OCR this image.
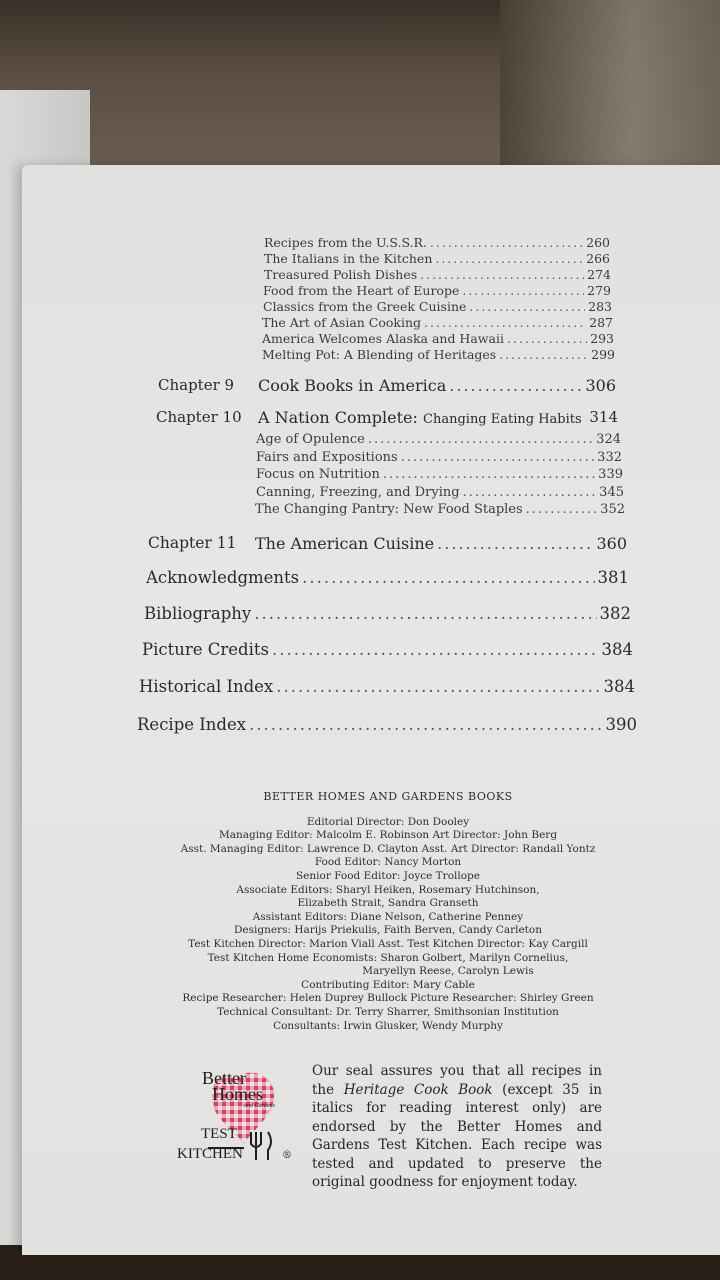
Recipes from the U.S.S.R. .....	260
The Italians in the Kitchen .....	266
Treasured Polish Dishes .....	274
Food from the Heart of Europe .....	279
Classics from the Greek Cuisine .....	283
The Art of Asian Cooking .....	287
America Welcomes Alaska and Hawaii .....	293
Melting Pot: A Blending of Heritages .....	299
Chapter 9 Cook Books in America .....	306
Chapter 10 A Nation Complete: Changing Eating Habits 314
Age of Opulence .....	324
Fairs and Expositions .....	332
Focus on Nutrition .....	339
Canning, Freezing, and Drying .....	345
The Changing Pantry: New Food Staples .....	352
Chapter 11 The American Cuisine .....	360
Acknowledgments .....	381
Bibliography .....	382
Picture Credits .....	384
Historical Index .....	384
Recipe Index .....	390
BETTER HOMES AND GARDENS BOOKS
Editorial Director: Don Dooley
Managing Editor: Malcolm E. Robinson Art Director: John Berg
Asst. Managing Editor: Lawrence D. Clayton Asst. Art Director: Randall Yontz
Food Editor: Nancy Morton
Senior Food Editor: Joyce Trollope
Associate Editors: Sharyl Heiken, Rosemary Hutchinson,
Elizabeth Strait, Sandra Granseth
Assistant Editors: Diane Nelson, Catherine Penney
Designers: Harijs Priekulis, Faith Berven, Candy Carleton
Test Kitchen Director: Marion Viall Asst. Test Kitchen Director: Kay Cargill
Test Kitchen Home Economists: Sharon Golbert, Marilyn Cornelius,
Maryellyn Reese, Carolyn Lewis
Contributing Editor: Mary Cable
Recipe Researcher: Helen Duprey Bullock Picture Researcher: Shirley Green
Technical Consultant: Dr. Terry Sharrer, Smithsonian Institution
Consultants: Irwin Glusker, Wendy Murphy
Better
Homes
and Gardens
TEST
KITCHEN	®
Our seal assures you that all recipes in the Heritage Cook Book (except 35 in italics for reading interest only) are endorsed by the Better Homes and Gardens Test Kitchen. Each recipe was tested and updated to preserve the original goodness for enjoyment today.
